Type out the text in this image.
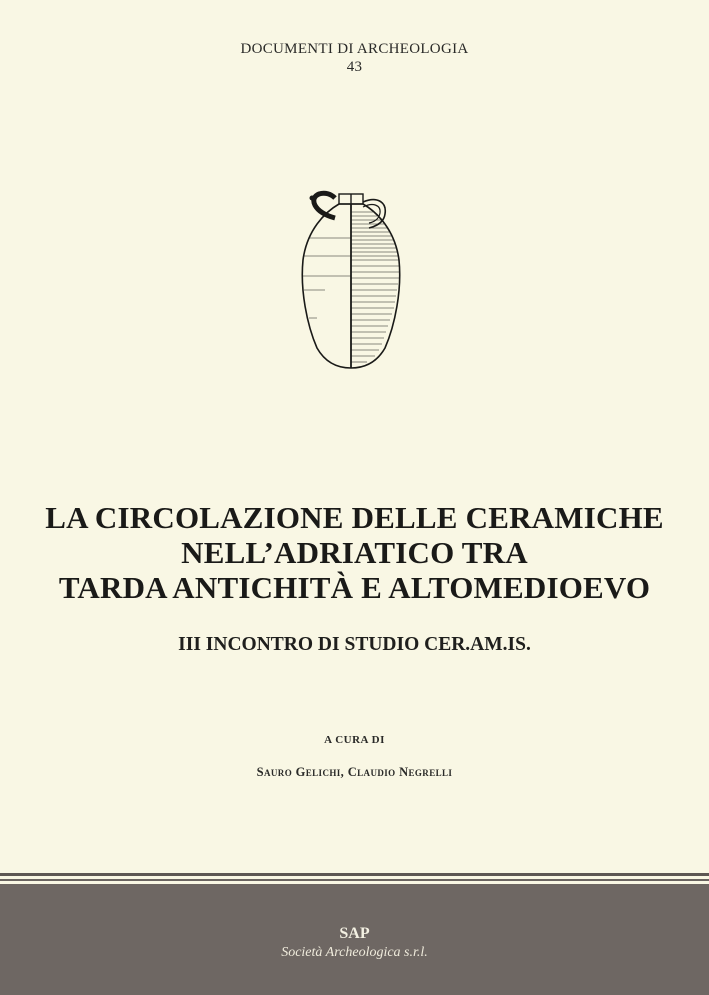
DOCUMENTI DI ARCHEOLOGIA
43
LA CIRCOLAZIONE DELLE CERAMICHE
NELL’ADRIATICO TRA
TARDA ANTICHITÀ E ALTOMEDIOEVO
III INCONTRO DI STUDIO CER.AM.IS.
A CURA DI
Sauro Gelichi, Claudio Negrelli
SAP
Società Archeologica s.r.l.
